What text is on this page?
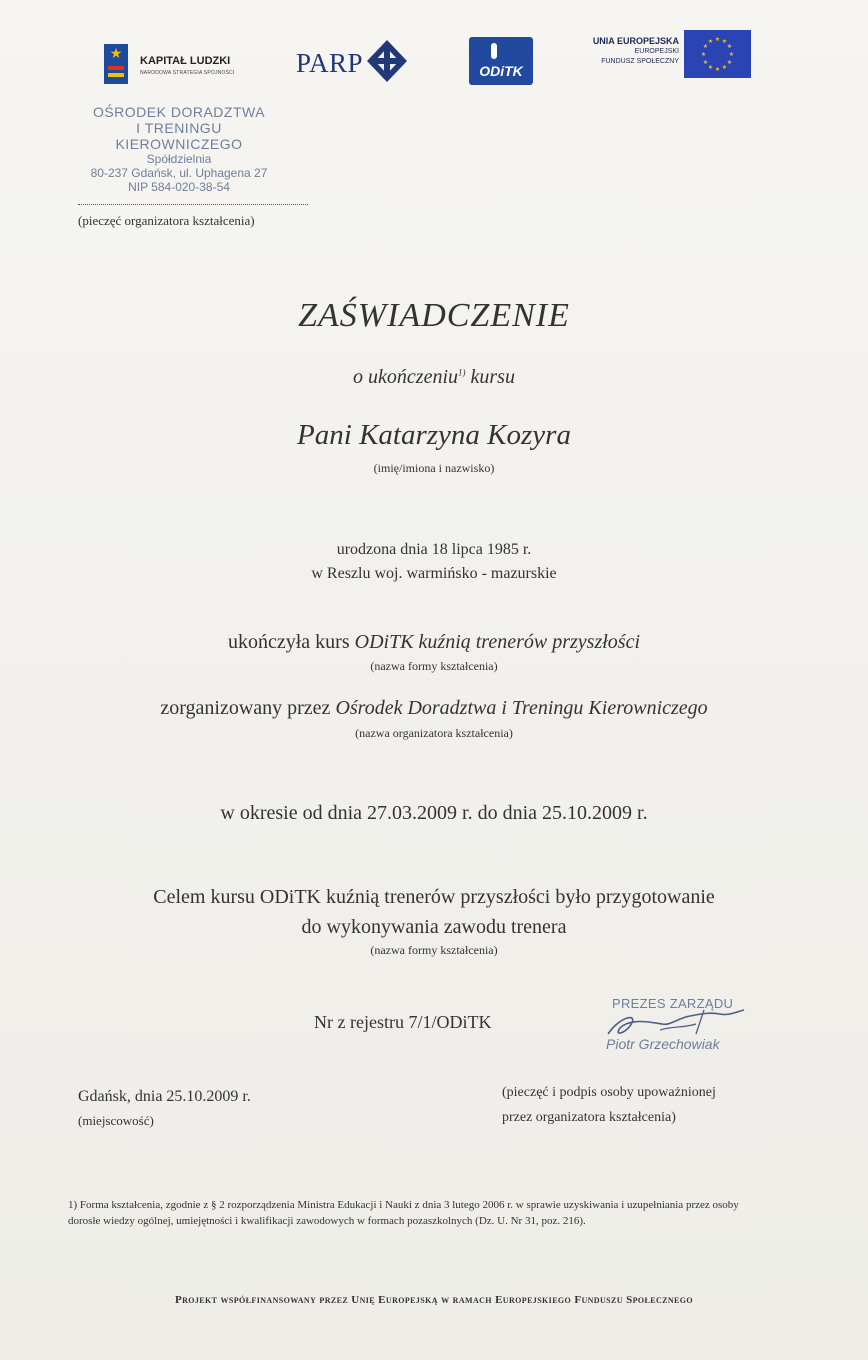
★ KAPITAŁ LUDZKI
NARODOWA STRATEGIA SPÓJNOŚCI PARP	ODiTK
UNIA EUROPEJSKA
EUROPEJSKI
FUNDUSZ SPOŁECZNY
★ ★
★
★
★
★
★
★
★
★
★
★
OŚRODEK DORADZTWA
I TRENINGU KIEROWNICZEGO
Spółdzielnia
80-237 Gdańsk, ul. Uphagena 27
NIP 584-020-38-54
(pieczęć organizatora kształcenia)
ZAŚWIADCZENIE
o ukończeniu$^{1)}$ kursu
Pani Katarzyna Kozyra
(imię/imiona i nazwisko)
urodzona dnia 18 lipca 1985 r.
w Reszlu woj. warmińsko - mazurskie
ukończyła kurs ODiTK kuźnią trenerów przyszłości
(nazwa formy kształcenia)
zorganizowany przez Ośrodek Doradztwa i Treningu Kierowniczego
(nazwa organizatora kształcenia)
w okresie od dnia 27.03.2009 r. do dnia 25.10.2009 r.
Celem kursu ODiTK kuźnią trenerów przyszłości było przygotowanie
do wykonywania zawodu trenera
(nazwa formy kształcenia)
Nr z rejestru 7/1/ODiTK
PREZES ZARZĄDU
Piotr Grzechowiak
Gdańsk, dnia 25.10.2009 r.
(miejscowość)
(pieczęć i podpis osoby upoważnionej
przez organizatora kształcenia)
1) Forma kształcenia, zgodnie z § 2 rozporządzenia Ministra Edukacji i Nauki z dnia 3 lutego 2006 r. w sprawie uzyskiwania i uzupełniania przez osoby dorosłe wiedzy ogólnej, umiejętności i kwalifikacji zawodowych w formach pozaszkolnych (Dz. U. Nr 31, poz. 216).
Projekt współfinansowany przez Unię Europejską w ramach Europejskiego Funduszu Społecznego
